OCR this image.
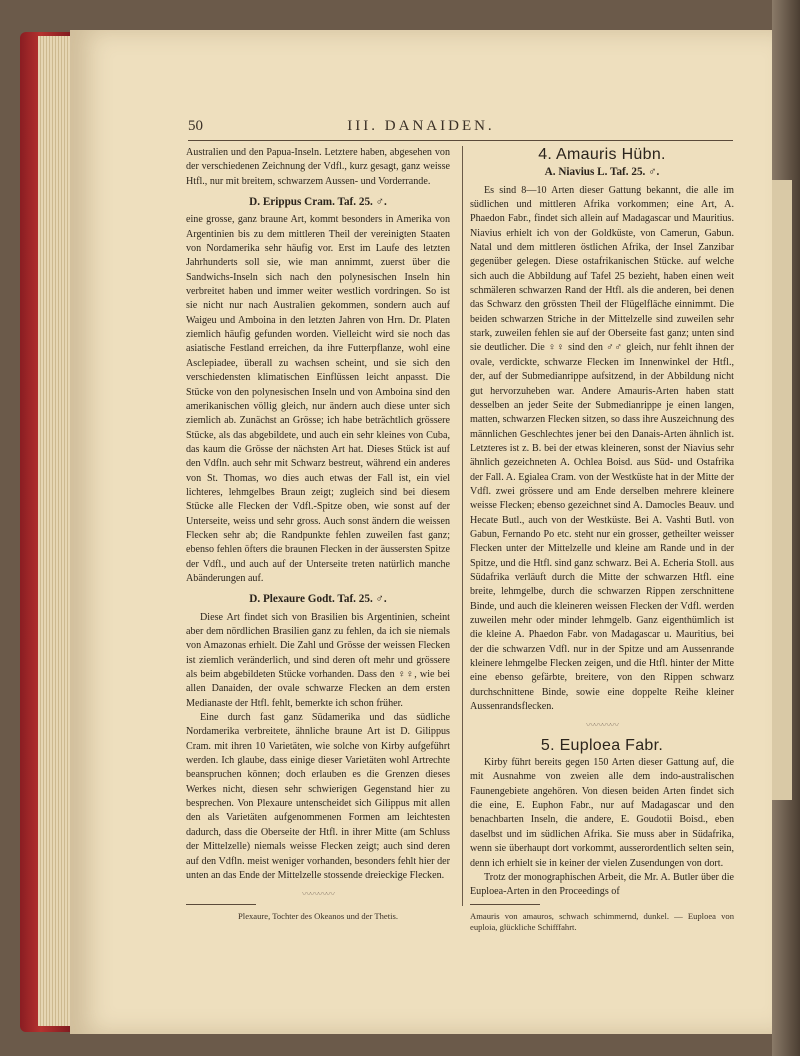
50	III. DANAIDEN.

Australien und den Papua-Inseln. Letztere haben, abgesehen von der verschiedenen Zeichnung der Vdfl., kurz gesagt, ganz weisse Htfl., nur mit breitem, schwarzem Aussen- und Vorderrande.

D. Erippus Cram. Taf. 25. ♂.

eine grosse, ganz braune Art, kommt besonders in Amerika von Argentinien bis zu dem mittleren Theil der vereinigten Staaten von Nordamerika sehr häufig vor. Erst im Laufe des letzten Jahrhunderts soll sie, wie man annimmt, zuerst über die Sandwichs-Inseln sich nach den polynesischen Inseln hin verbreitet haben und immer weiter westlich vordringen. So ist sie nicht nur nach Australien gekommen, sondern auch auf Waigeu und Amboina in den letzten Jahren von Hrn. Dr. Platen ziemlich häufig gefunden worden. Vielleicht wird sie noch das asiatische Festland erreichen, da ihre Futterpflanze, wohl eine Asclepiadee, überall zu wachsen scheint, und sie sich den verschiedensten klimatischen Einflüssen leicht anpasst. Die Stücke von den polynesischen Inseln und von Amboina sind den amerikanischen völlig gleich, nur ändern auch diese unter sich ziemlich ab. Zunächst an Grösse; ich habe beträchtlich grössere Stücke, als das abgebildete, und auch ein sehr kleines von Cuba, das kaum die Grösse der nächsten Art hat. Dieses Stück ist auf den Vdfln. auch sehr mit Schwarz bestreut, während ein anderes von St. Thomas, wo dies auch etwas der Fall ist, ein viel lichteres, lehmgelbes Braun zeigt; zugleich sind bei diesem Stücke alle Flecken der Vdfl.-Spitze oben, wie sonst auf der Unterseite, weiss und sehr gross. Auch sonst ändern die weissen Flecken sehr ab; die Randpunkte fehlen zuweilen fast ganz; ebenso fehlen öfters die braunen Flecken in der äussersten Spitze der Vdfl., und auch auf der Unterseite treten natürlich manche Abänderungen auf.

D. Plexaure Godt. Taf. 25. ♂.

Diese Art findet sich von Brasilien bis Argentinien, scheint aber dem nördlichen Brasilien ganz zu fehlen, da ich sie niemals von Amazonas erhielt. Die Zahl und Grösse der weissen Flecken ist ziemlich veränderlich, und sind deren oft mehr und grössere als beim abgebildeten Stücke vorhanden. Dass den ♀♀, wie bei allen Danaiden, der ovale schwarze Flecken an dem ersten Medianaste der Htfl. fehlt, bemerkte ich schon früher.

Eine durch fast ganz Südamerika und das südliche Nordamerika verbreitete, ähnliche braune Art ist D. Gilippus Cram. mit ihren 10 Varietäten, wie solche von Kirby aufgeführt werden. Ich glaube, dass einige dieser Varietäten wohl Artrechte beanspruchen können; doch erlauben es die Grenzen dieses Werkes nicht, diesen sehr schwierigen Gegenstand hier zu besprechen. Von Plexaure untenscheidet sich Gilippus mit allen den als Varietäten aufgenommenen Formen am leichtesten dadurch, dass die Oberseite der Htfl. in ihrer Mitte (am Schluss der Mittelzelle) niemals weisse Flecken zeigt; auch sind deren auf den Vdfln. meist weniger vorhanden, besonders fehlt hier der unten an das Ende der Mittelzelle stossende dreieckige Flecken.

〰〰〰〰
4. Amauris Hübn.
A. Niavius L. Taf. 25. ♂.

Es sind 8—10 Arten dieser Gattung bekannt, die alle im südlichen und mittleren Afrika vorkommen; eine Art, A. Phaedon Fabr., findet sich allein auf Madagascar und Mauritius. Niavius erhielt ich von der Goldküste, von Camerun, Gabun. Natal und dem mittleren östlichen Afrika, der Insel Zanzibar gegenüber gelegen. Diese ostafrikanischen Stücke. auf welche sich auch die Abbildung auf Tafel 25 bezieht, haben einen weit schmäleren schwarzen Rand der Htfl. als die anderen, bei denen das Schwarz den grössten Theil der Flügelfläche einnimmt. Die beiden schwarzen Striche in der Mittelzelle sind zuweilen sehr stark, zuweilen fehlen sie auf der Oberseite fast ganz; unten sind sie deutlicher. Die ♀♀ sind den ♂♂ gleich, nur fehlt ihnen der ovale, verdickte, schwarze Flecken im Innenwinkel der Htfl., der, auf der Submedianrippe aufsitzend, in der Abbildung nicht gut hervorzuheben war. Andere Amauris-Arten haben statt desselben an jeder Seite der Submedianrippe je einen langen, matten, schwarzen Flecken sitzen, so dass ihre Auszeichnung des männlichen Geschlechtes jener bei den Danais-Arten ähnlich ist. Letzteres ist z. B. bei der etwas kleineren, sonst der Niavius sehr ähnlich gezeichneten A. Ochlea Boisd. aus Süd- und Ostafrika der Fall. A. Egialea Cram. von der Westküste hat in der Mitte der Vdfl. zwei grössere und am Ende derselben mehrere kleinere weisse Flecken; ebenso gezeichnet sind A. Damocles Beauv. und Hecate Butl., auch von der Westküste. Bei A. Vashti Butl. von Gabun, Fernando Po etc. steht nur ein grosser, getheilter weisser Flecken unter der Mittelzelle und kleine am Rande und in der Spitze, und die Htfl. sind ganz schwarz. Bei A. Echeria Stoll. aus Südafrika verläuft durch die Mitte der schwarzen Htfl. eine breite, lehmgelbe, durch die schwarzen Rippen zerschnittene Binde, und auch die kleineren weissen Flecken der Vdfl. werden zuweilen mehr oder minder lehmgelb. Ganz eigenthümlich ist die kleine A. Phaedon Fabr. von Madagascar u. Mauritius, bei der die schwarzen Vdfl. nur in der Spitze und am Aussenrande kleinere lehmgelbe Flecken zeigen, und die Htfl. hinter der Mitte eine ebenso gefärbte, breitere, von den Rippen schwarz durchschnittene Binde, sowie eine doppelte Reihe kleiner Aussenrandsflecken.

〰〰〰〰
5. Euploea Fabr.

Kirby führt bereits gegen 150 Arten dieser Gattung auf, die mit Ausnahme von zweien alle dem indo-australischen Faunengebiete angehören. Von diesen beiden Arten findet sich die eine, E. Euphon Fabr., nur auf Madagascar und den benachbarten Inseln, die andere, E. Goudotii Boisd., eben daselbst und im südlichen Afrika. Sie muss aber in Südafrika, wenn sie überhaupt dort vorkommt, ausserordentlich selten sein, denn ich erhielt sie in keiner der vielen Zusendungen von dort.

Trotz der monographischen Arbeit, die Mr. A. Butler über die Euploea-Arten in den Proceedings of

Plexaure, Tochter des Okeanos und der Thetis.	Amauris von amauros, schwach schimmernd, dunkel. — Euploea von euploia, glückliche Schifffahrt.
